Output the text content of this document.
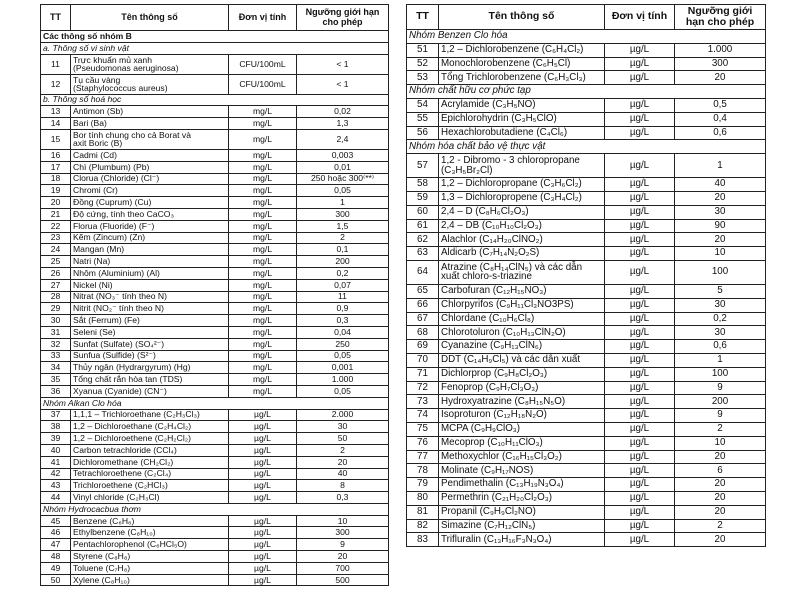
TT	Tên thông số	Đơn vị tính	Ngưỡng giới hạn cho phép
Các thông số nhóm B			
a. Thông số vi sinh vật			
11	Trực khuẩn mủ xanh
(Pseudomonas aeruginosa)	CFU/100mL	< 1
12	Tụ cầu vàng
(Staphylococcus aureus)	CFU/100mL	< 1
b. Thông số hoá học			
13	Antimon (Sb)	mg/L	0,02
14	Bari (Ba)	mg/L	1,3
15	Bor tính chung cho cả Borat và
axit Boric (B)	mg/L	2,4
16	Cadmi (Cd)	mg/L	0,003
17	Chì (Plumbum) (Pb)	mg/L	0,01
18	Clorua (Chloride) (Cl⁻)	mg/L	250 hoặc 300⁽**⁾
19	Chromi (Cr)	mg/L	0,05
20	Đồng (Cuprum) (Cu)	mg/L	1
21	Độ cứng, tính theo CaCO₃	mg/L	300
22	Florua (Fluoride) (F⁻)	mg/L	1,5
23	Kẽm (Zincum) (Zn)	mg/L	2
24	Mangan (Mn)	mg/L	0,1
25	Natri (Na)	mg/L	200
26	Nhôm (Aluminium) (Al)	mg/L	0,2
27	Nickel (Ni)	mg/L	0,07
28	Nitrat (NO₃⁻ tính theo N)	mg/L	11
29	Nitrit (NO₂⁻ tính theo N)	mg/L	0,9
30	Sắt (Ferrum) (Fe)	mg/L	0,3
31	Seleni (Se)	mg/L	0,04
32	Sunfat (Sulfate) (SO₄²⁻)	mg/L	250
33	Sunfua (Sulfide) (S²⁻)	mg/L	0,05
34	Thủy ngân (Hydrargyrum) (Hg)	mg/L	0,001
35	Tổng chất rắn hòa tan (TDS)	mg/L	1.000
36	Xyanua (Cyanide) (CN⁻)	mg/L	0,05
Nhóm Alkan Clo hóa			
37	1,1,1 – Trichloroethane (C₂H₃Cl₃)	µg/L	2.000
38	1,2 – Dichloroethane (C₂H₄Cl₂)	µg/L	30
39	1,2 – Dichloroethene (C₂H₂Cl₂)	µg/L	50
40	Carbon tetrachloride (CCl₄)	µg/L	2
41	Dichloromethane (CH₂Cl₂)	µg/L	20
42	Tetrachloroethene (C₂Cl₄)	µg/L	40
43	Trichloroethene (C₂HCl₃)	µg/L	8
44	Vinyl chloride (C₂H₃Cl)	µg/L	0,3
Nhóm Hydrocacbua thơm			
45	Benzene (C₆H₆)	µg/L	10
46	Ethylbenzene (C₈H₁₀)	µg/L	300
47	Pentachlorophenol (C₆HCl₅O)	µg/L	9
48	Styrene (C₈H₈)	µg/L	20
49	Toluene (C₇H₈)	µg/L	700
50	Xylene (C₈H₁₀)	µg/L	500
TT	Tên thông số	Đơn vị tính	Ngưỡng giới hạn cho phép
Nhóm Benzen Clo hóa			
51	1,2 – Dichlorobenzene (C₆H₄Cl₂)	µg/L	1.000
52	Monochlorobenzene (C₆H₅Cl)	µg/L	300
53	Tổng Trichlorobenzene (C₆H₃Cl₃)	µg/L	20
Nhóm chất hữu cơ phức tạp			
54	Acrylamide (C₃H₅NO)	µg/L	0,5
55	Epichlorohydrin (C₃H₅ClO)	µg/L	0,4
56	Hexachlorobutadiene (C₄Cl₆)	µg/L	0,6
Nhóm hóa chất bảo vệ thực vật			
57	1,2 - Dibromo - 3 chloropropane
(C₃H₅Br₂Cl)	µg/L	1
58	1,2 – Dichloropropane (C₃H₆Cl₂)	µg/L	40
59	1,3 – Dichloropropene (C₃H₄Cl₂)	µg/L	20
60	2,4 – D (C₈H₆Cl₂O₃)	µg/L	30
61	2,4 – DB (C₁₀H₁₀Cl₂O₃)	µg/L	90
62	Alachlor (C₁₄H₂₀ClNO₂)	µg/L	20
63	Aldicarb (C₇H₁₄N₂O₂S)	µg/L	10
64	Atrazine (C₈H₁₄ClN₅) và các dẫn
xuất chloro-s-triazine	µg/L	100
65	Carbofuran (C₁₂H₁₅NO₃)	µg/L	5
66	Chlorpyrifos (C₉H₁₁Cl₃NO3PS)	µg/L	30
67	Chlordane (C₁₀H₆Cl₈)	µg/L	0,2
68	Chlorotoluron (C₁₀H₁₃ClN₂O)	µg/L	30
69	Cyanazine (C₉H₁₃ClN₆)	µg/L	0,6
70	DDT (C₁₄H₉Cl₅) và các dẫn xuất	µg/L	1
71	Dichlorprop (C₉H₈Cl₂O₃)	µg/L	100
72	Fenoprop (C₉H₇Cl₃O₃)	µg/L	9
73	Hydroxyatrazine (C₈H₁₅N₅O)	µg/L	200
74	Isoproturon (C₁₂H₁₈N₂O)	µg/L	9
75	MCPA (C₉H₉ClO₃)	µg/L	2
76	Mecoprop (C₁₀H₁₁ClO₃)	µg/L	10
77	Methoxychlor (C₁₆H₁₅Cl₃O₂)	µg/L	20
78	Molinate (C₉H₁₇NOS)	µg/L	6
79	Pendimethalin (C₁₃H₁₉N₃O₄)	µg/L	20
80	Permethrin (C₂₁H₂₀Cl₂O₃)	µg/L	20
81	Propanil (C₉H₉Cl₂NO)	µg/L	20
82	Simazine (C₇H₁₂ClN₅)	µg/L	2
83	Trifluralin (C₁₃H₁₆F₃N₃O₄)	µg/L	20
